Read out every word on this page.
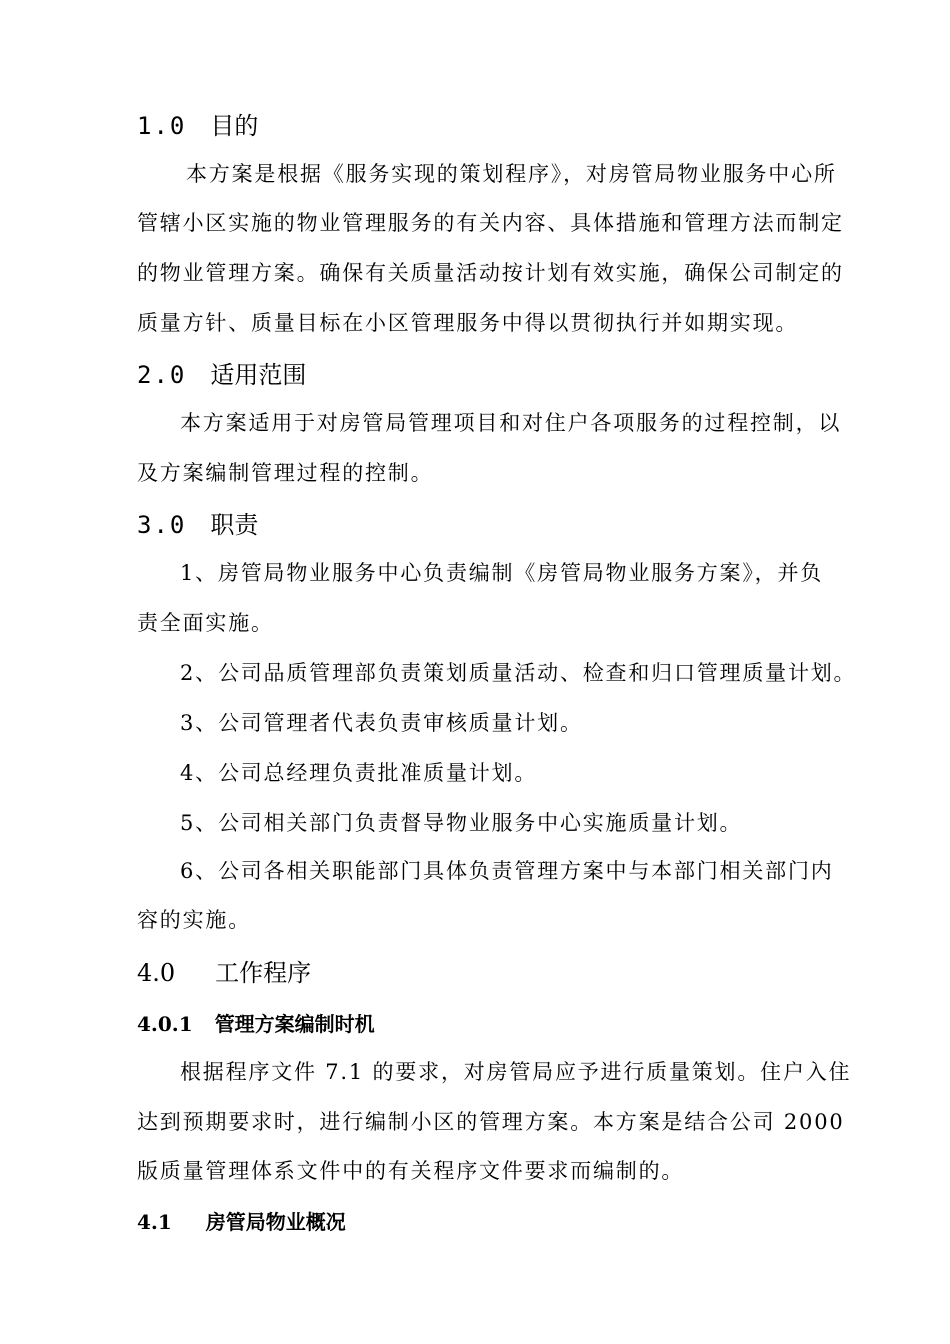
1.0 目的
本方案是根据《服务实现的策划程序》，对房管局物业服务中心所
管辖小区实施的物业管理服务的有关内容、具体措施和管理方法而制定
的物业管理方案。确保有关质量活动按计划有效实施，确保公司制定的
质量方针、质量目标在小区管理服务中得以贯彻执行并如期实现。
2.0 适用范围
本方案适用于对房管局管理项目和对住户各项服务的过程控制，以
及方案编制管理过程的控制。
3.0 职责
1、房管局物业服务中心负责编制《房管局物业服务方案》，并负
责全面实施。
2、公司品质管理部负责策划质量活动、检查和归口管理质量计划。
3、公司管理者代表负责审核质量计划。
4、公司总经理负责批准质量计划。
5、公司相关部门负责督导物业服务中心实施质量计划。
6、公司各相关职能部门具体负责管理方案中与本部门相关部门内
容的实施。
4.0 工作程序
4.0.1 管理方案编制时机
根据程序文件 7.1 的要求，对房管局应予进行质量策划。住户入住
达到预期要求时，进行编制小区的管理方案。本方案是结合公司 2000
版质量管理体系文件中的有关程序文件要求而编制的。
4.1 房管局物业概况
